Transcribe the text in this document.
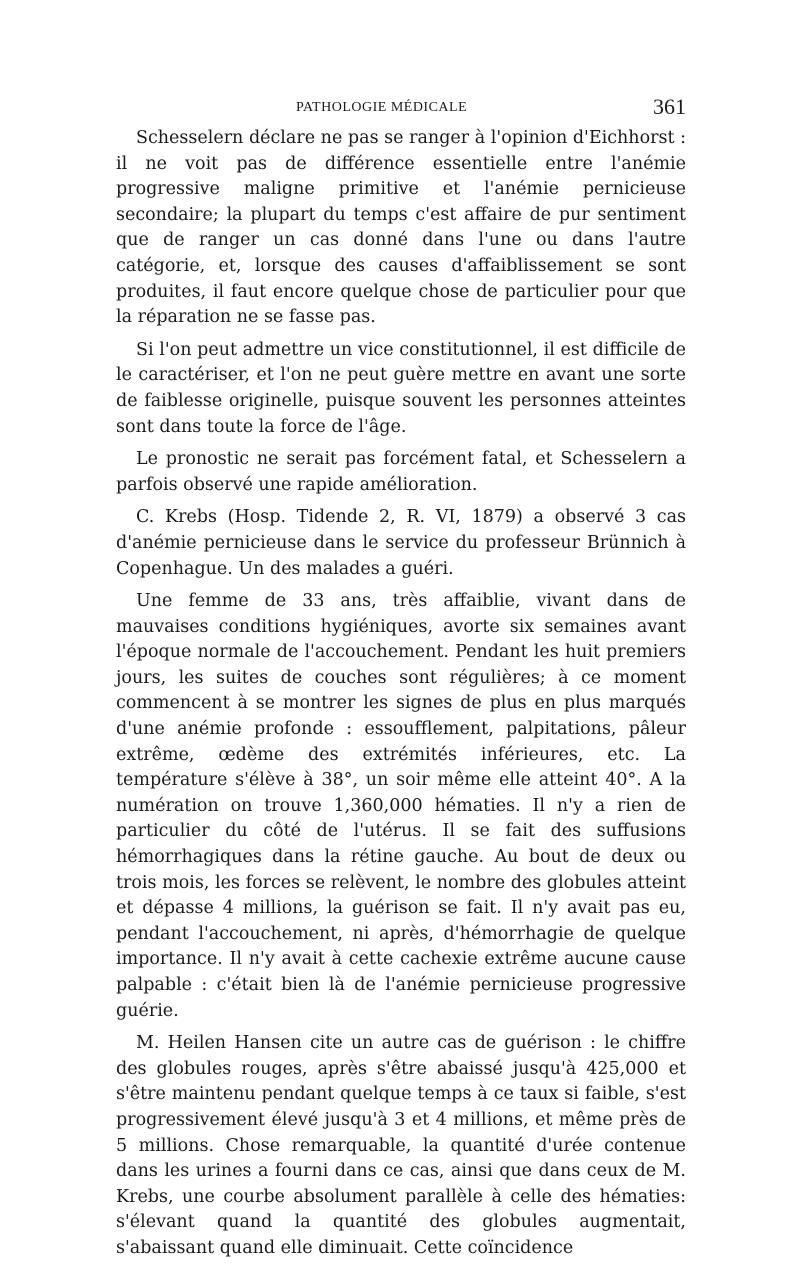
PATHOLOGIE MÉDICALE	361

Schesselern déclare ne pas se ranger à l'opinion d'Eichhorst : il ne voit pas de différence essentielle entre l'anémie progressive maligne primitive et l'anémie pernicieuse secondaire; la plupart du temps c'est affaire de pur sentiment que de ranger un cas donné dans l'une ou dans l'autre catégorie, et, lorsque des causes d'affaiblissement se sont produites, il faut encore quelque chose de particulier pour que la réparation ne se fasse pas.

Si l'on peut admettre un vice constitutionnel, il est difficile de le caractériser, et l'on ne peut guère mettre en avant une sorte de faiblesse originelle, puisque souvent les personnes atteintes sont dans toute la force de l'âge.

Le pronostic ne serait pas forcément fatal, et Schesselern a parfois observé une rapide amélioration.

C. Krebs (Hosp. Tidende 2, R. VI, 1879) a observé 3 cas d'anémie pernicieuse dans le service du professeur Brünnich à Copenhague. Un des malades a guéri.

Une femme de 33 ans, très affaiblie, vivant dans de mauvaises conditions hygiéniques, avorte six semaines avant l'époque normale de l'accouchement. Pendant les huit premiers jours, les suites de couches sont régulières; à ce moment commencent à se montrer les signes de plus en plus marqués d'une anémie profonde : essoufflement, palpitations, pâleur extrême, œdème des extrémités inférieures, etc. La température s'élève à 38°, un soir même elle atteint 40°. A la numération on trouve 1,360,000 hématies. Il n'y a rien de particulier du côté de l'utérus. Il se fait des suffusions hémorrhagiques dans la rétine gauche. Au bout de deux ou trois mois, les forces se relèvent, le nombre des globules atteint et dépasse 4 millions, la guérison se fait. Il n'y avait pas eu, pendant l'accouchement, ni après, d'hémorrhagie de quelque importance. Il n'y avait à cette cachexie extrême aucune cause palpable : c'était bien là de l'anémie pernicieuse progressive guérie.

M. Heilen Hansen cite un autre cas de guérison : le chiffre des globules rouges, après s'être abaissé jusqu'à 425,000 et s'être maintenu pendant quelque temps à ce taux si faible, s'est progressivement élevé jusqu'à 3 et 4 millions, et même près de 5 millions. Chose remarquable, la quantité d'urée contenue dans les urines a fourni dans ce cas, ainsi que dans ceux de M. Krebs, une courbe absolument parallèle à celle des hématies: s'élevant quand la quantité des globules augmentait, s'abaissant quand elle diminuait. Cette coïncidence
